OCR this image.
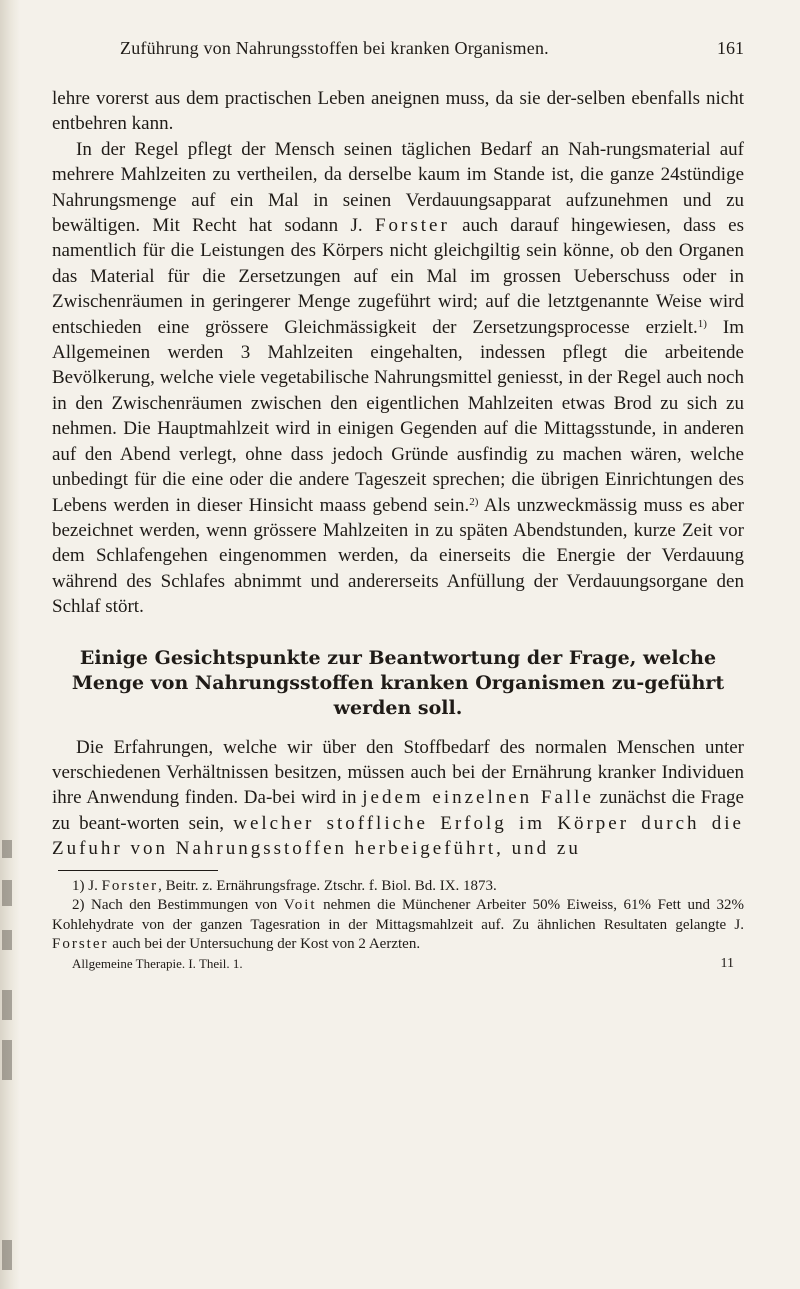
Zuführung von Nahrungsstoffen bei kranken Organismen.	161

lehre vorerst aus dem practischen Leben aneignen muss, da sie der-selben ebenfalls nicht entbehren kann.

In der Regel pflegt der Mensch seinen täglichen Bedarf an Nah-rungsmaterial auf mehrere Mahlzeiten zu vertheilen, da derselbe kaum im Stande ist, die ganze 24stündige Nahrungsmenge auf ein Mal in seinen Verdauungsapparat aufzunehmen und zu bewältigen. Mit Recht hat sodann J. Forster auch darauf hingewiesen, dass es namentlich für die Leistungen des Körpers nicht gleichgiltig sein könne, ob den Organen das Material für die Zersetzungen auf ein Mal im grossen Ueberschuss oder in Zwischenräumen in geringerer Menge zugeführt wird; auf die letztgenannte Weise wird entschieden eine grössere Gleichmässigkeit der Zersetzungsprocesse erzielt.$^{1)}$ Im Allgemeinen werden 3 Mahlzeiten eingehalten, indessen pflegt die arbeitende Bevölkerung, welche viele vegetabilische Nahrungsmittel geniesst, in der Regel auch noch in den Zwischenräumen zwischen den eigentlichen Mahlzeiten etwas Brod zu sich zu nehmen. Die Hauptmahlzeit wird in einigen Gegenden auf die Mittagsstunde, in anderen auf den Abend verlegt, ohne dass jedoch Gründe ausfindig zu machen wären, welche unbedingt für die eine oder die andere Tageszeit sprechen; die übrigen Einrichtungen des Lebens werden in dieser Hinsicht maass gebend sein.$^{2)}$ Als unzweckmässig muss es aber bezeichnet werden, wenn grössere Mahlzeiten in zu späten Abendstunden, kurze Zeit vor dem Schlafengehen eingenommen werden, da einerseits die Energie der Verdauung während des Schlafes abnimmt und andererseits Anfüllung der Verdauungsorgane den Schlaf stört.

Einige Gesichtspunkte zur Beantwortung der Frage, welche Menge von Nahrungsstoffen kranken Organismen zu-geführt werden soll.

Die Erfahrungen, welche wir über den Stoffbedarf des normalen Menschen unter verschiedenen Verhältnissen besitzen, müssen auch bei der Ernährung kranker Individuen ihre Anwendung finden. Da-bei wird in jedem einzelnen Falle zunächst die Frage zu beant-worten sein, welcher stoffliche Erfolg im Körper durch die Zufuhr von Nahrungsstoffen herbeigeführt, und zu

1) J. Forster, Beitr. z. Ernährungsfrage. Ztschr. f. Biol. Bd. IX. 1873.

2) Nach den Bestimmungen von Voit nehmen die Münchener Arbeiter 50% Eiweiss, 61% Fett und 32% Kohlehydrate von der ganzen Tagesration in der Mittagsmahlzeit auf. Zu ähnlichen Resultaten gelangte J. Forster auch bei der Untersuchung der Kost von 2 Aerzten.

Allgemeine Therapie. I. Theil. 1.	11
